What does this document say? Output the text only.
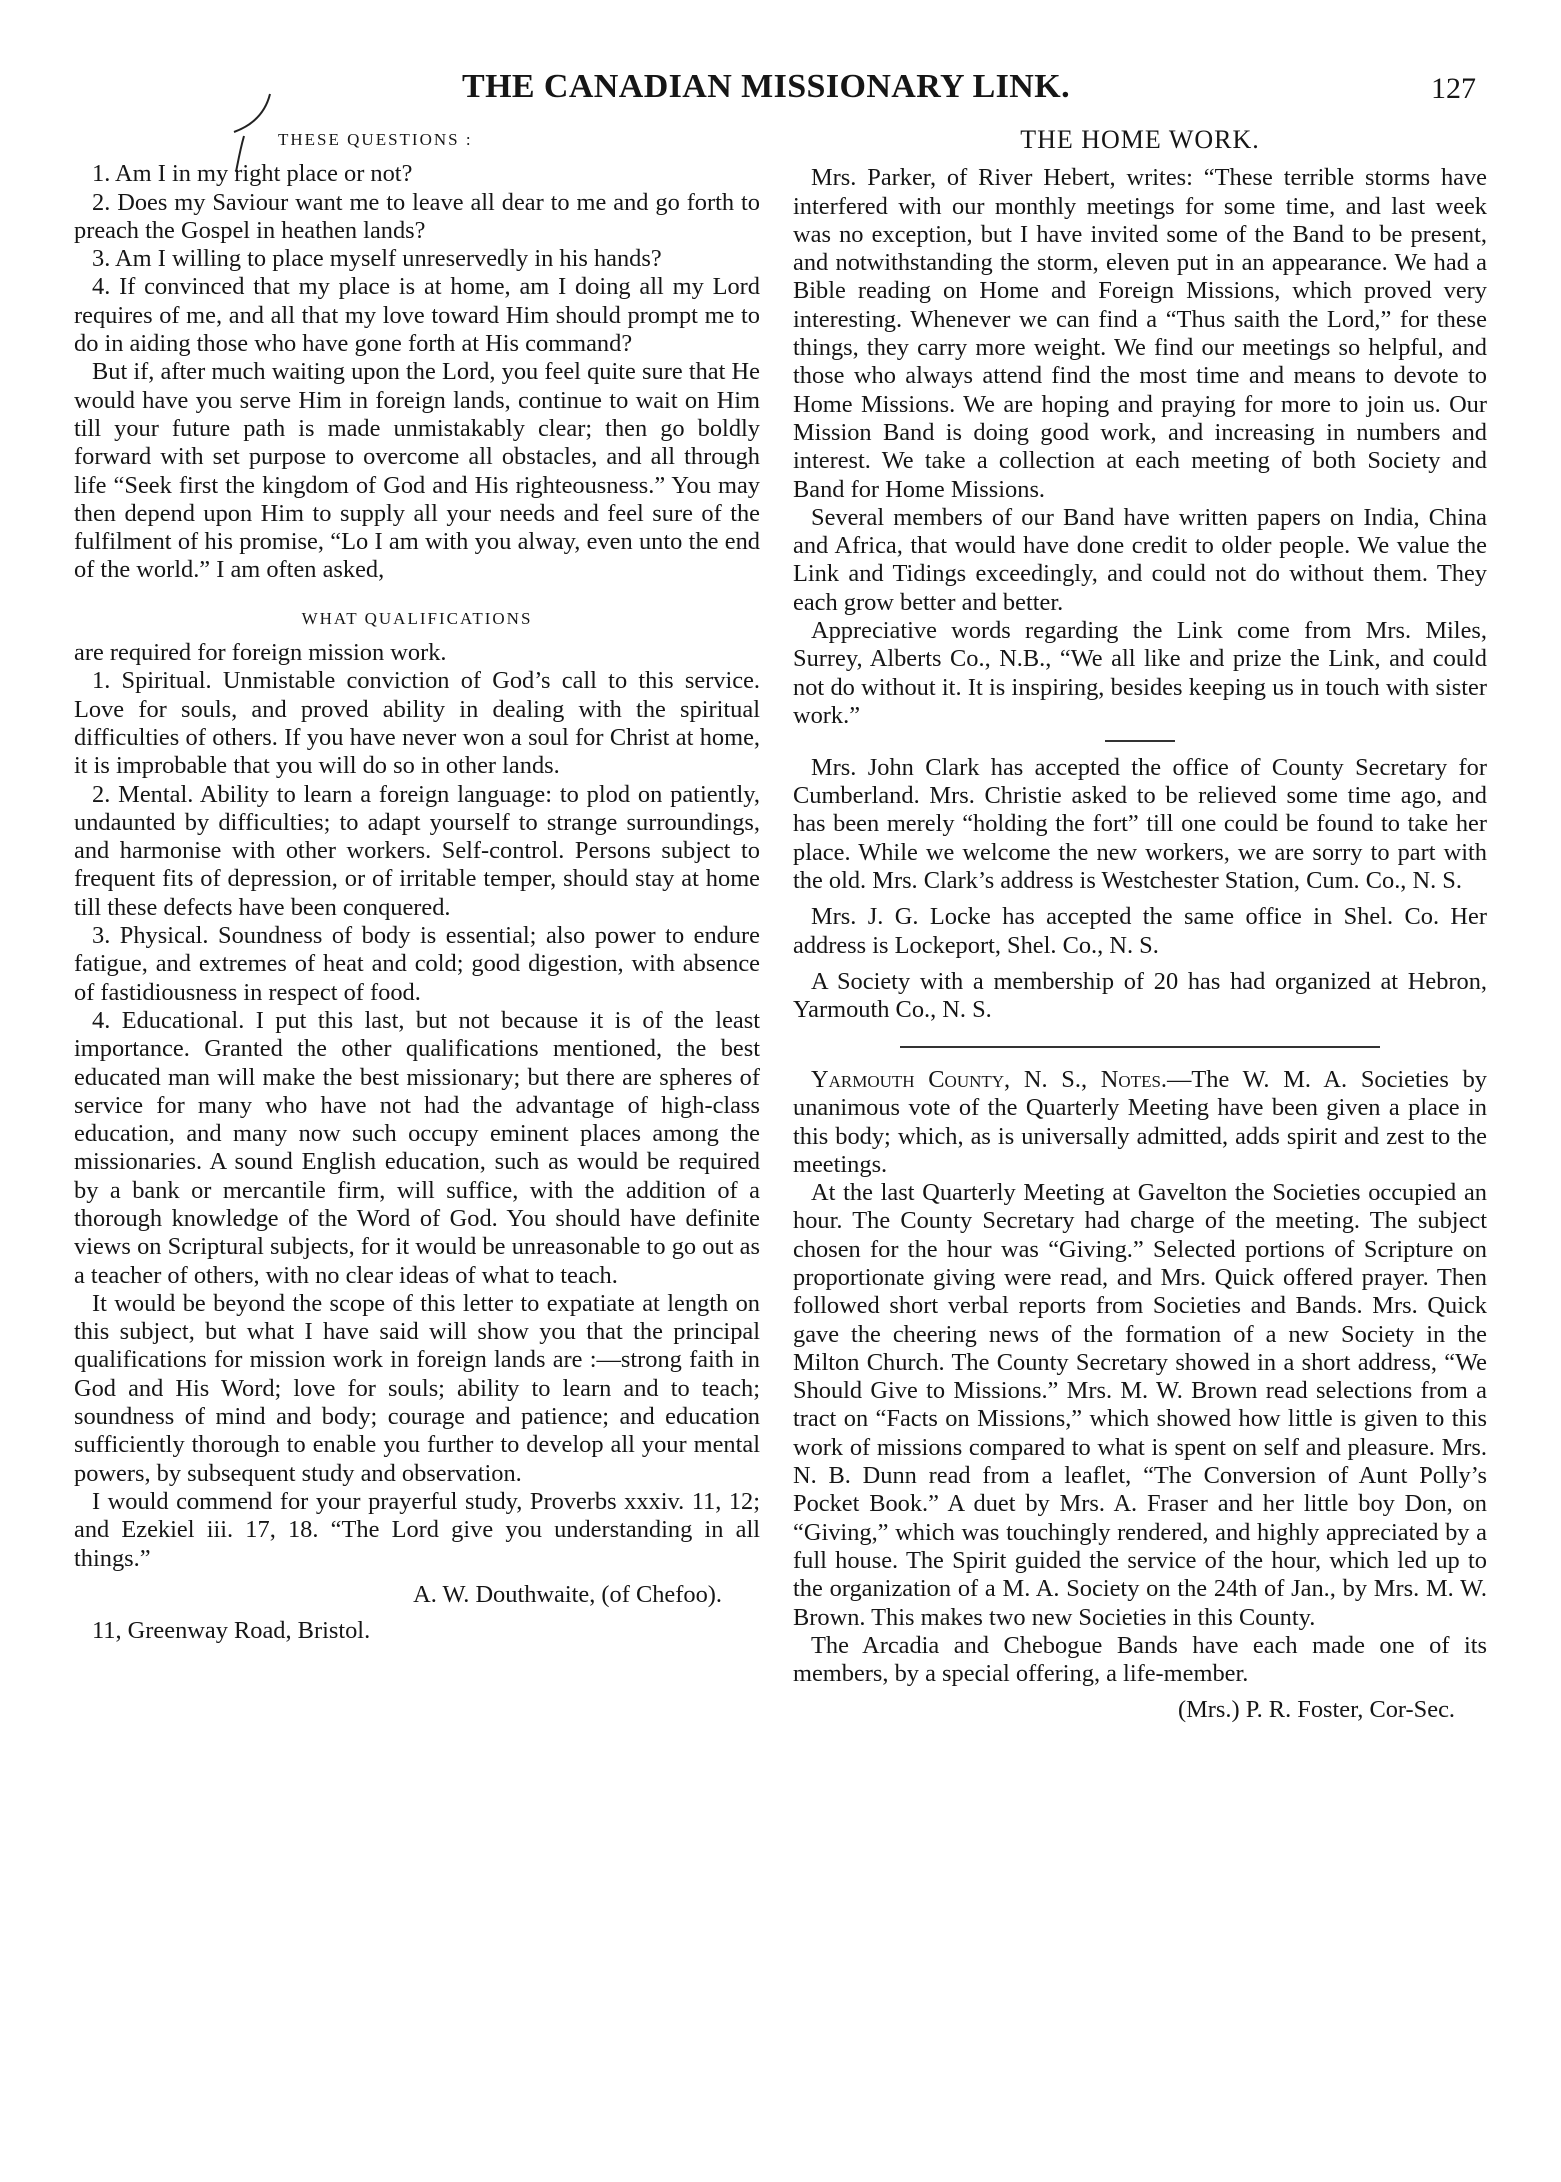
THE CANADIAN MISSIONARY LINK.	127
THESE QUESTIONS :

1. Am I in my right place or not?

2. Does my Saviour want me to leave all dear to me and go forth to preach the Gospel in heathen lands?

3. Am I willing to place myself unreservedly in his hands?

4. If convinced that my place is at home, am I doing all my Lord requires of me, and all that my love toward Him should prompt me to do in aiding those who have gone forth at His command?

But if, after much waiting upon the Lord, you feel quite sure that He would have you serve Him in foreign lands, continue to wait on Him till your future path is made unmistakably clear; then go boldly forward with set purpose to overcome all obstacles, and all through life “Seek first the kingdom of God and His righteousness.” You may then depend upon Him to supply all your needs and feel sure of the fulfilment of his promise, “Lo I am with you alway, even unto the end of the world.” I am often asked,

WHAT QUALIFICATIONS

are required for foreign mission work.

1. Spiritual. Unmistable conviction of God’s call to this service. Love for souls, and proved ability in dealing with the spiritual difficulties of others. If you have never won a soul for Christ at home, it is improbable that you will do so in other lands.

2. Mental. Ability to learn a foreign language: to plod on patiently, undaunted by difficulties; to adapt yourself to strange surroundings, and harmonise with other workers. Self-control. Persons subject to frequent fits of depression, or of irritable temper, should stay at home till these defects have been conquered.

3. Physical. Soundness of body is essential; also power to endure fatigue, and extremes of heat and cold; good digestion, with absence of fastidiousness in respect of food.

4. Educational. I put this last, but not because it is of the least importance. Granted the other qualifications mentioned, the best educated man will make the best missionary; but there are spheres of service for many who have not had the advantage of high-class education, and many now such occupy eminent places among the missionaries. A sound English education, such as would be required by a bank or mercantile firm, will suffice, with the addition of a thorough knowledge of the Word of God. You should have definite views on Scriptural subjects, for it would be unreasonable to go out as a teacher of others, with no clear ideas of what to teach.

It would be beyond the scope of this letter to expatiate at length on this subject, but what I have said will show you that the principal qualifications for mission work in foreign lands are :—strong faith in God and His Word; love for souls; ability to learn and to teach; soundness of mind and body; courage and patience; and education sufficiently thorough to enable you further to develop all your mental powers, by subsequent study and observation.

I would commend for your prayerful study, Proverbs xxxiv. 11, 12; and Ezekiel iii. 17, 18. “The Lord give you understanding in all things.”

A. W. Douthwaite, (of Chefoo).
11, Greenway Road, Bristol.
THE HOME WORK.

Mrs. Parker, of River Hebert, writes: “These terrible storms have interfered with our monthly meetings for some time, and last week was no exception, but I have invited some of the Band to be present, and notwithstanding the storm, eleven put in an appearance. We had a Bible reading on Home and Foreign Missions, which proved very interesting. Whenever we can find a “Thus saith the Lord,” for these things, they carry more weight. We find our meetings so helpful, and those who always attend find the most time and means to devote to Home Missions. We are hoping and praying for more to join us. Our Mission Band is doing good work, and increasing in numbers and interest. We take a collection at each meeting of both Society and Band for Home Missions.

Several members of our Band have written papers on India, China and Africa, that would have done credit to older people. We value the Link and Tidings exceedingly, and could not do without them. They each grow better and better.

Appreciative words regarding the Link come from Mrs. Miles, Surrey, Alberts Co., N.B., “We all like and prize the Link, and could not do without it. It is inspiring, besides keeping us in touch with sister work.”

Mrs. John Clark has accepted the office of County Secretary for Cumberland. Mrs. Christie asked to be relieved some time ago, and has been merely “holding the fort” till one could be found to take her place. While we welcome the new workers, we are sorry to part with the old. Mrs. Clark’s address is Westchester Station, Cum. Co., N. S.

Mrs. J. G. Locke has accepted the same office in Shel. Co. Her address is Lockeport, Shel. Co., N. S.

A Society with a membership of 20 has had organized at Hebron, Yarmouth Co., N. S.

Yarmouth County, N. S., Notes.—The W. M. A. Societies by unanimous vote of the Quarterly Meeting have been given a place in this body; which, as is universally admitted, adds spirit and zest to the meetings.

At the last Quarterly Meeting at Gavelton the Societies occupied an hour. The County Secretary had charge of the meeting. The subject chosen for the hour was “Giving.” Selected portions of Scripture on proportionate giving were read, and Mrs. Quick offered prayer. Then followed short verbal reports from Societies and Bands. Mrs. Quick gave the cheering news of the formation of a new Society in the Milton Church. The County Secretary showed in a short address, “We Should Give to Missions.” Mrs. M. W. Brown read selections from a tract on “Facts on Missions,” which showed how little is given to this work of missions compared to what is spent on self and pleasure. Mrs. N. B. Dunn read from a leaflet, “The Conversion of Aunt Polly’s Pocket Book.” A duet by Mrs. A. Fraser and her little boy Don, on “Giving,” which was touchingly rendered, and highly appreciated by a full house. The Spirit guided the service of the hour, which led up to the organization of a M. A. Society on the 24th of Jan., by Mrs. M. W. Brown. This makes two new Societies in this County.

The Arcadia and Chebogue Bands have each made one of its members, by a special offering, a life-member.

(Mrs.) P. R. Foster, Cor-Sec.
